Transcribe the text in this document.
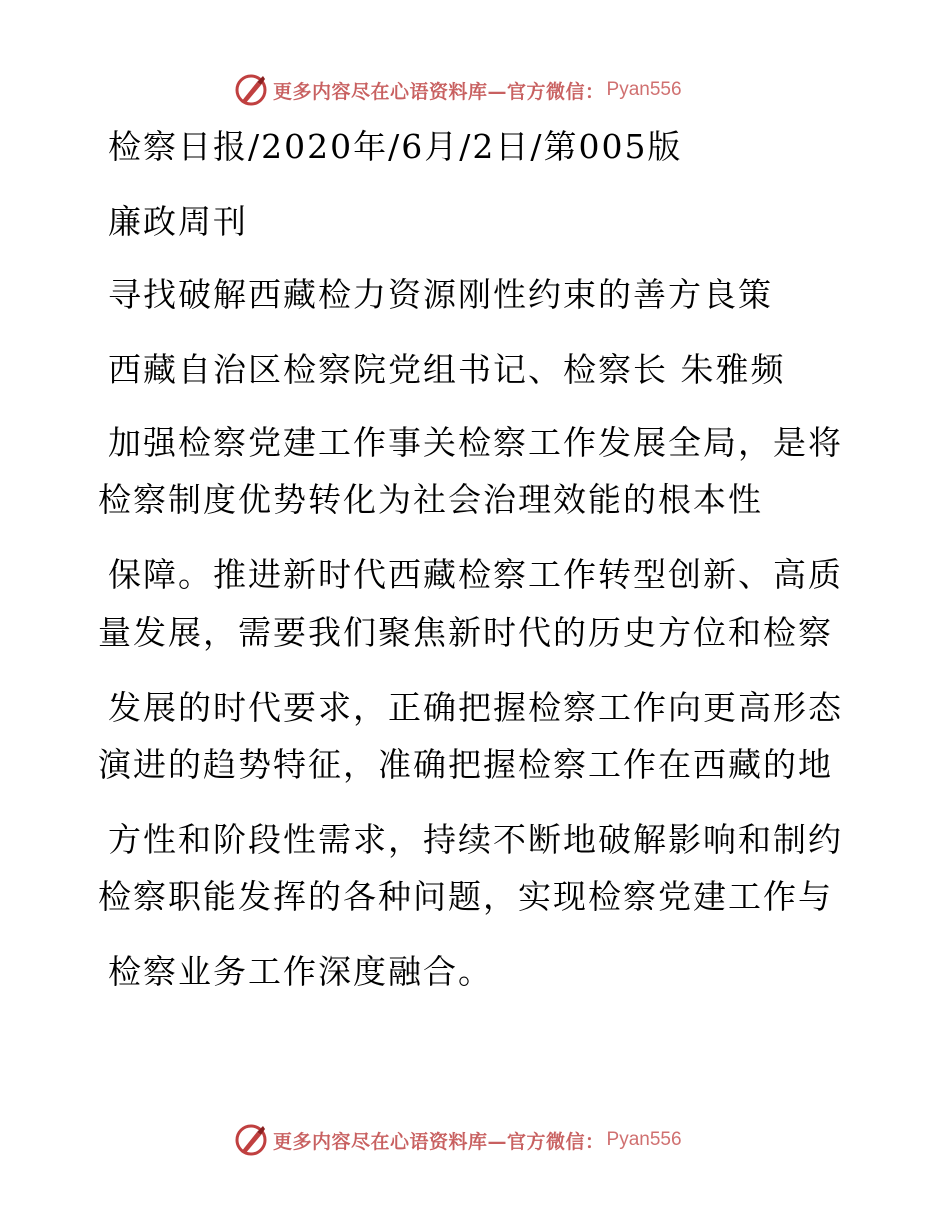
更多内容尽在心语资料库—官方微信： Pyan556
检察日报/2020年/6月/2日/第005版
廉政周刊
寻找破解西藏检力资源刚性约束的善方良策
西藏自治区检察院党组书记、检察长 朱雅频
加强检察党建工作事关检察工作发展全局，是将
检察制度优势转化为社会治理效能的根本性
保障。推进新时代西藏检察工作转型创新、高质
量发展，需要我们聚焦新时代的历史方位和检察
发展的时代要求，正确把握检察工作向更高形态
演进的趋势特征，准确把握检察工作在西藏的地
方性和阶段性需求，持续不断地破解影响和制约
检察职能发挥的各种问题，实现检察党建工作与
检察业务工作深度融合。
更多内容尽在心语资料库—官方微信： Pyan556
